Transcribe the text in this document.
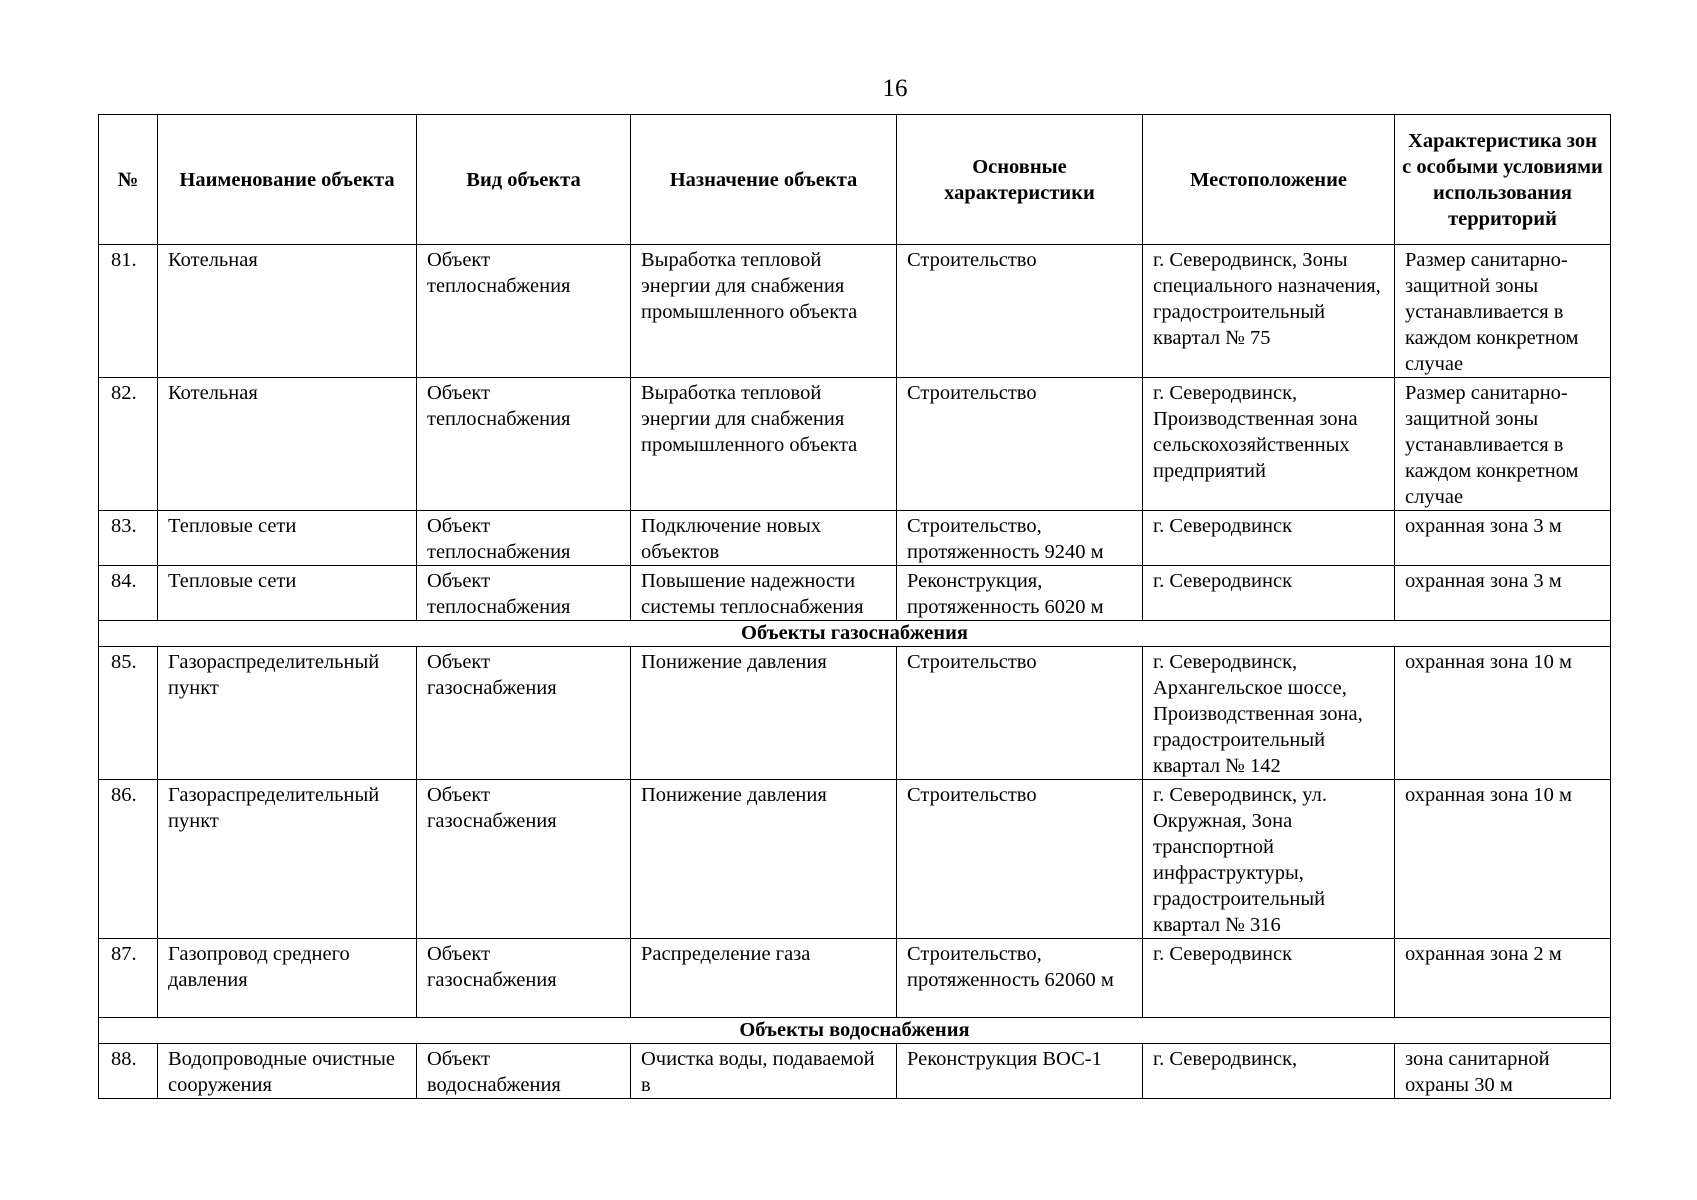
16
№	Наименование объекта	Вид объекта	Назначение объекта	Основные характеристики	Местоположение	Характеристика зон с особыми условиями использования территорий
81.	Котельная	Объект теплоснабжения	Выработка тепловой энергии для снабжения промышленного объекта	Строительство	г. Северодвинск, Зоны специального назначения, градостроительный квартал № 75	Размер санитарно-защитной зоны устанавливается в каждом конкретном случае
82.	Котельная	Объект теплоснабжения	Выработка тепловой энергии для снабжения промышленного объекта	Строительство	г. Северодвинск, Производственная зона сельскохозяйственных предприятий	Размер санитарно-защитной зоны устанавливается в каждом конкретном случае
83.	Тепловые сети	Объект теплоснабжения	Подключение новых объектов	Строительство, протяженность 9240 м	г. Северодвинск	охранная зона 3 м
84.	Тепловые сети	Объект теплоснабжения	Повышение надежности системы теплоснабжения	Реконструкция, протяженность 6020 м	г. Северодвинск	охранная зона 3 м
Объекты газоснабжения						
85.	Газораспределительный пункт	Объект газоснабжения	Понижение давления	Строительство	г. Северодвинск, Архангельское шоссе, Производственная зона, градостроительный квартал № 142	охранная зона 10 м
86.	Газораспределительный пункт	Объект газоснабжения	Понижение давления	Строительство	г. Северодвинск, ул. Окружная, Зона транспортной инфраструктуры, градостроительный квартал № 316	охранная зона 10 м
87.	Газопровод среднего давления	Объект газоснабжения	Распределение газа	Строительство, протяженность 62060 м	г. Северодвинск	охранная зона 2 м
Объекты водоснабжения						
88.	Водопроводные очистные сооружения	Объект водоснабжения	Очистка воды, подаваемой в	Реконструкция ВОС-1	г. Северодвинск,	зона санитарной охраны 30 м
